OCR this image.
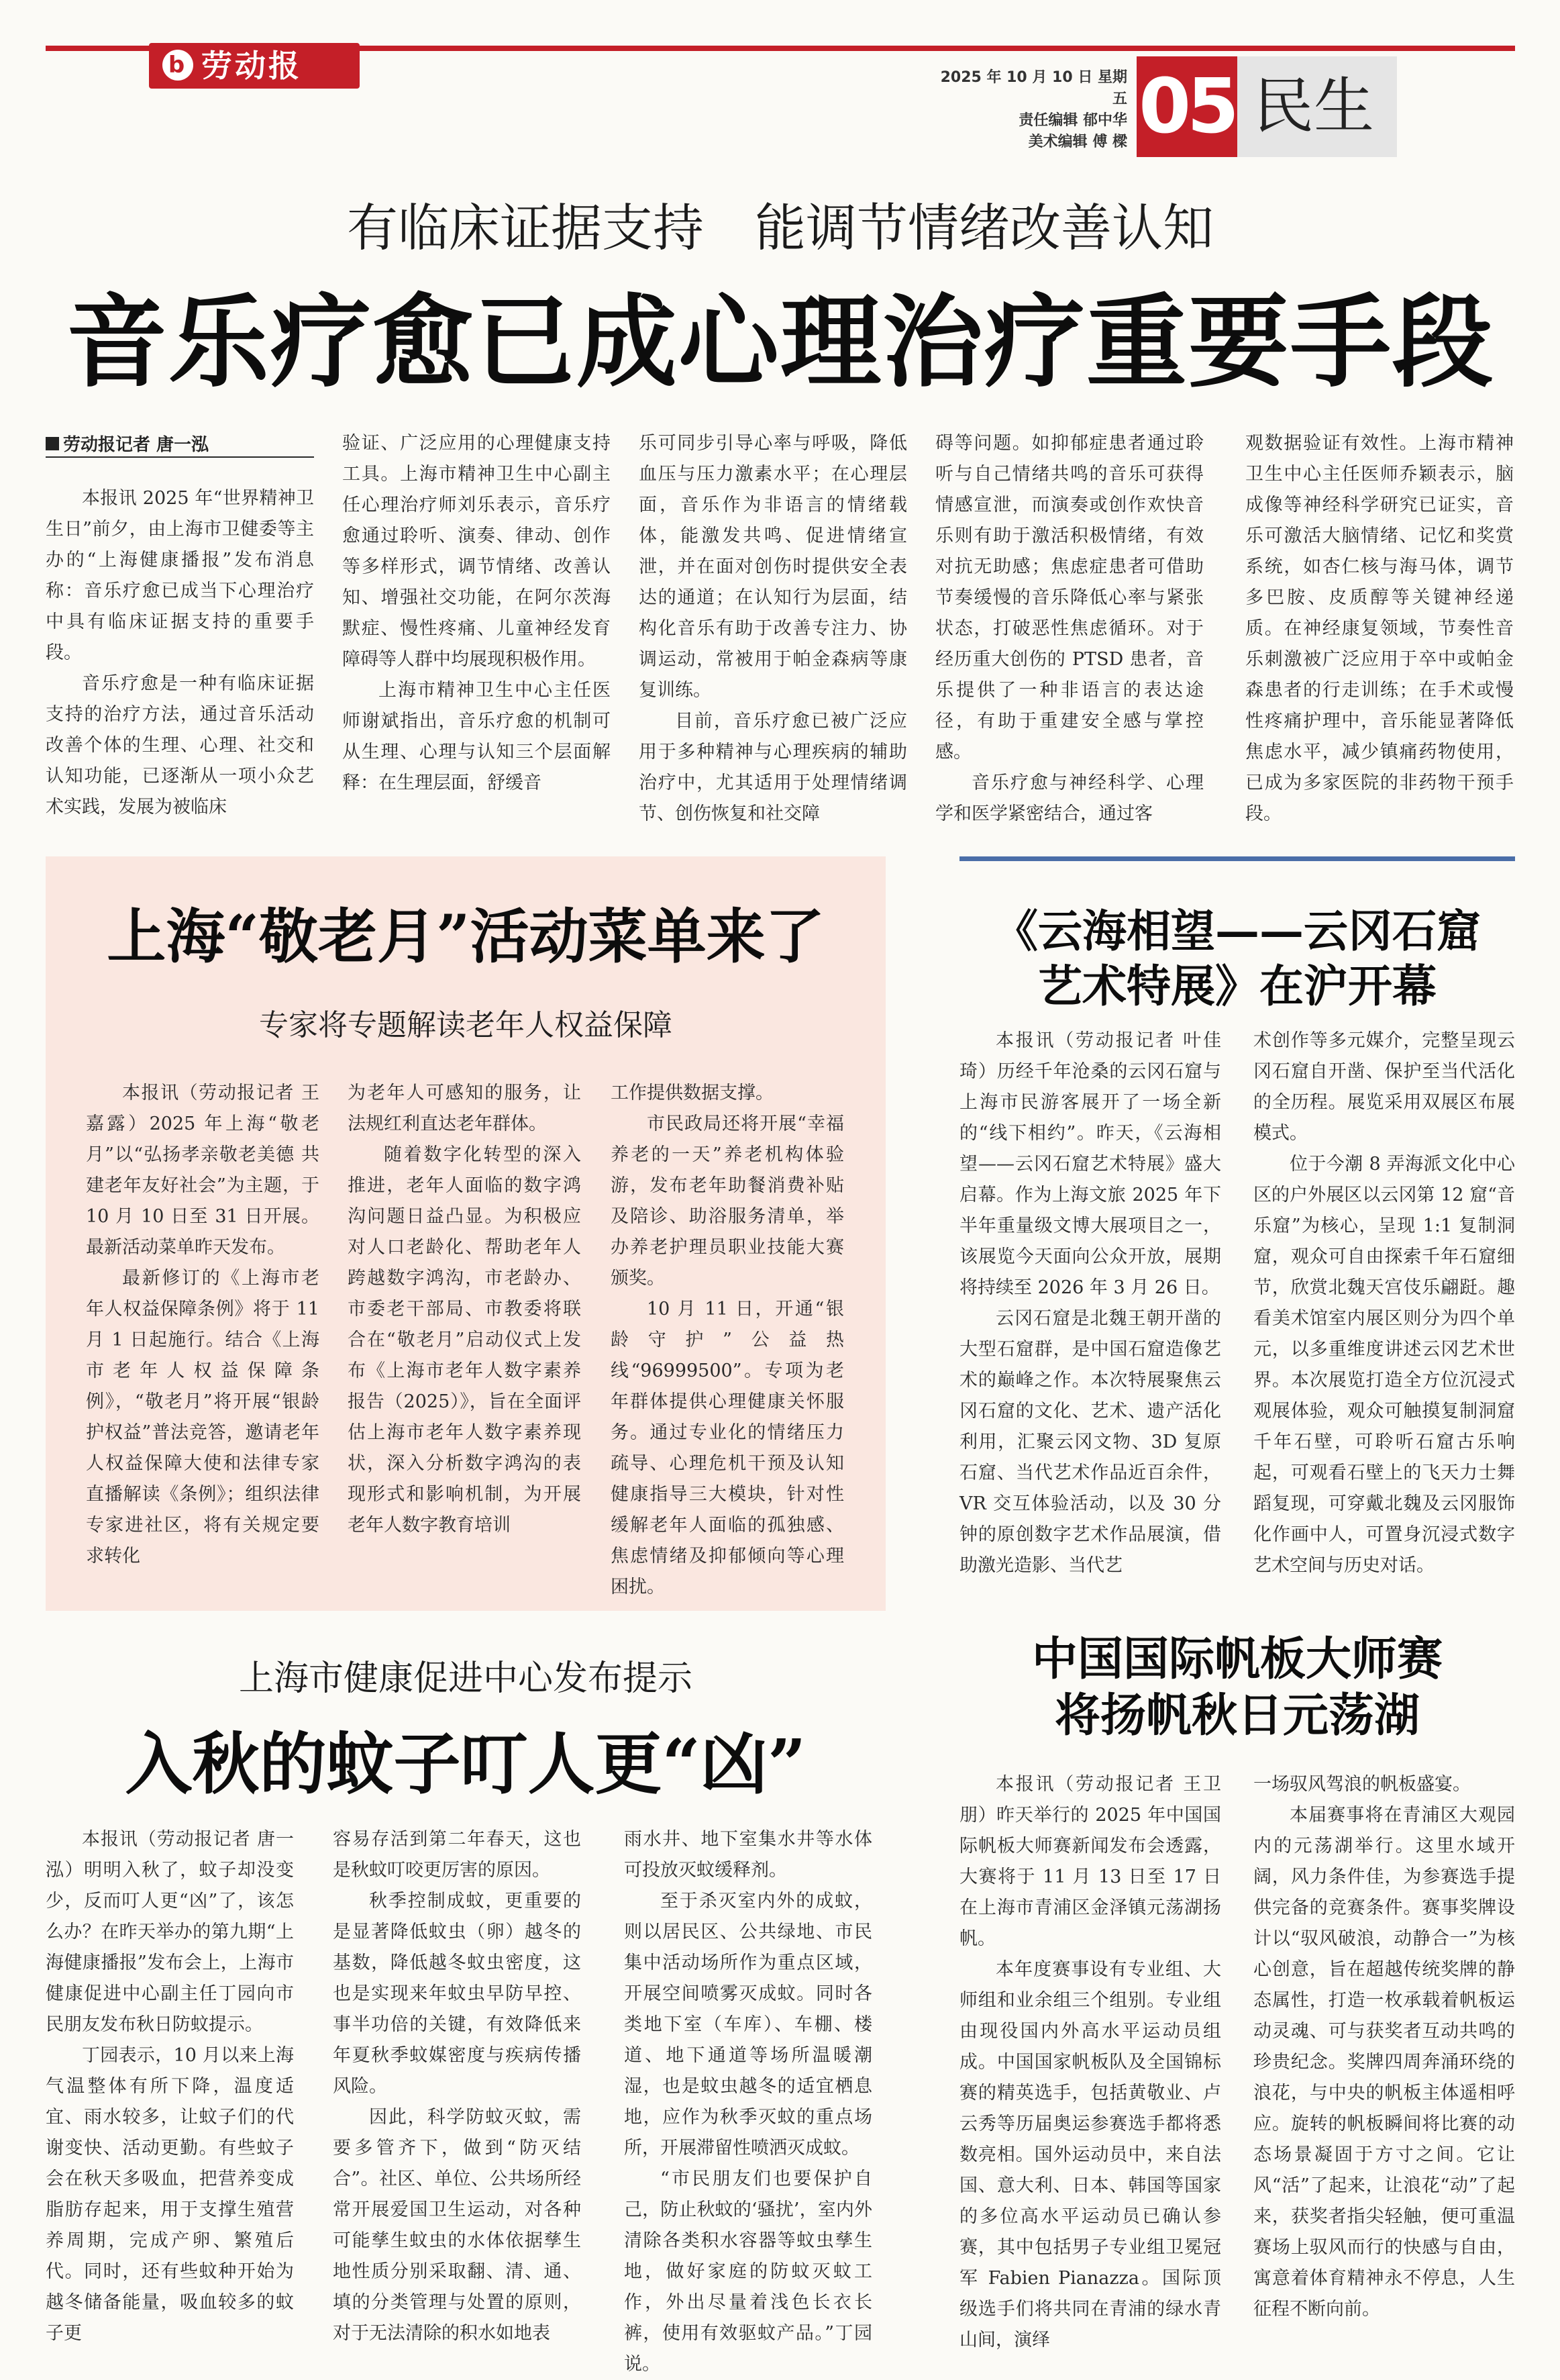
b 劳动报	2025 年 10 月 10 日 星期五
责任编辑 郁中华
美术编辑 傅 樑 05 民生
有临床证据支持　能调节情绪改善认知
音乐疗愈已成心理治疗重要手段
劳动报记者 唐一泓

本报讯 2025 年“世界精神卫生日”前夕，由上海市卫健委等主办的“上海健康播报”发布消息称：音乐疗愈已成当下心理治疗中具有临床证据支持的重要手段。

音乐疗愈是一种有临床证据支持的治疗方法，通过音乐活动改善个体的生理、心理、社交和认知功能，已逐渐从一项小众艺术实践，发展为被临床

验证、广泛应用的心理健康支持工具。上海市精神卫生中心副主任心理治疗师刘乐表示，音乐疗愈通过聆听、演奏、律动、创作等多样形式，调节情绪、改善认知、增强社交功能，在阿尔茨海默症、慢性疼痛、儿童神经发育障碍等人群中均展现积极作用。

上海市精神卫生中心主任医师谢斌指出，音乐疗愈的机制可从生理、心理与认知三个层面解释：在生理层面，舒缓音

乐可同步引导心率与呼吸，降低血压与压力激素水平；在心理层面，音乐作为非语言的情绪载体，能激发共鸣、促进情绪宣泄，并在面对创伤时提供安全表达的通道；在认知行为层面，结构化音乐有助于改善专注力、协调运动，常被用于帕金森病等康复训练。

目前，音乐疗愈已被广泛应用于多种精神与心理疾病的辅助治疗中，尤其适用于处理情绪调节、创伤恢复和社交障

碍等问题。如抑郁症患者通过聆听与自己情绪共鸣的音乐可获得情感宣泄，而演奏或创作欢快音乐则有助于激活积极情绪，有效对抗无助感；焦虑症患者可借助节奏缓慢的音乐降低心率与紧张状态，打破恶性焦虑循环。对于经历重大创伤的 PTSD 患者，音乐提供了一种非语言的表达途径，有助于重建安全感与掌控感。

音乐疗愈与神经科学、心理学和医学紧密结合，通过客

观数据验证有效性。上海市精神卫生中心主任医师乔颖表示，脑成像等神经科学研究已证实，音乐可激活大脑情绪、记忆和奖赏系统，如杏仁核与海马体，调节多巴胺、皮质醇等关键神经递质。在神经康复领域，节奏性音乐刺激被广泛应用于卒中或帕金森患者的行走训练；在手术或慢性疼痛护理中，音乐能显著降低焦虑水平，减少镇痛药物使用，已成为多家医院的非药物干预手段。

上海“敬老月”活动菜单来了
专家将专题解读老年人权益保障

本报讯（劳动报记者 王嘉露）2025 年上海“敬老月”以“弘扬孝亲敬老美德 共建老年友好社会”为主题，于 10 月 10 日至 31 日开展。最新活动菜单昨天发布。

最新修订的《上海市老年人权益保障条例》将于 11 月 1 日起施行。结合《上海市老年人权益保障条例》，“敬老月”将开展“银龄护权益”普法竞答，邀请老年人权益保障大使和法律专家直播解读《条例》；组织法律专家进社区，将有关规定要求转化

为老年人可感知的服务，让法规红利直达老年群体。

随着数字化转型的深入推进，老年人面临的数字鸿沟问题日益凸显。为积极应对人口老龄化、帮助老年人跨越数字鸿沟，市老龄办、市委老干部局、市教委将联合在“敬老月”启动仪式上发布《上海市老年人数字素养报告（2025）》，旨在全面评估上海市老年人数字素养现状，深入分析数字鸿沟的表现形式和影响机制，为开展老年人数字教育培训

工作提供数据支撑。

市民政局还将开展“幸福养老的一天”养老机构体验游，发布老年助餐消费补贴及陪诊、助浴服务清单，举办养老护理员职业技能大赛颁奖。

10 月 11 日，开通“银龄守护”公益热线“96999500”。专项为老年群体提供心理健康关怀服务。通过专业化的情绪压力疏导、心理危机干预及认知健康指导三大模块，针对性缓解老年人面临的孤独感、焦虑情绪及抑郁倾向等心理困扰。

《云海相望——云冈石窟
艺术特展》在沪开幕

本报讯（劳动报记者 叶佳琦）历经千年沧桑的云冈石窟与上海市民游客展开了一场全新的“线下相约”。昨天，《云海相望——云冈石窟艺术特展》盛大启幕。作为上海文旅 2025 年下半年重量级文博大展项目之一，该展览今天面向公众开放，展期将持续至 2026 年 3 月 26 日。

云冈石窟是北魏王朝开凿的大型石窟群，是中国石窟造像艺术的巅峰之作。本次特展聚焦云冈石窟的文化、艺术、遗产活化利用，汇聚云冈文物、3D 复原石窟、当代艺术作品近百余件，VR 交互体验活动，以及 30 分钟的原创数字艺术作品展演，借助激光造影、当代艺

术创作等多元媒介，完整呈现云冈石窟自开凿、保护至当代活化的全历程。展览采用双展区布展模式。

位于今潮 8 弄海派文化中心区的户外展区以云冈第 12 窟“音乐窟”为核心，呈现 1:1 复制洞窟，观众可自由探索千年石窟细节，欣赏北魏天宫伎乐翩跹。趣看美术馆室内展区则分为四个单元，以多重维度讲述云冈艺术世界。本次展览打造全方位沉浸式观展体验，观众可触摸复制洞窟千年石壁，可聆听石窟古乐响起，可观看石壁上的飞天力士舞蹈复现，可穿戴北魏及云冈服饰化作画中人，可置身沉浸式数字艺术空间与历史对话。

上海市健康促进中心发布提示
入秋的蚊子叮人更“凶”

本报讯（劳动报记者 唐一泓）明明入秋了，蚊子却没变少，反而叮人更“凶”了，该怎么办？在昨天举办的第九期“上海健康播报”发布会上，上海市健康促进中心副主任丁园向市民朋友发布秋日防蚊提示。

丁园表示，10 月以来上海气温整体有所下降，温度适宜、雨水较多，让蚊子们的代谢变快、活动更勤。有些蚊子会在秋天多吸血，把营养变成脂肪存起来，用于支撑生殖营养周期，完成产卵、繁殖后代。同时，还有些蚊种开始为越冬储备能量，吸血较多的蚊子更

容易存活到第二年春天，这也是秋蚊叮咬更厉害的原因。

秋季控制成蚊，更重要的是显著降低蚊虫（卵）越冬的基数，降低越冬蚊虫密度，这也是实现来年蚊虫早防早控、事半功倍的关键，有效降低来年夏秋季蚊媒密度与疾病传播风险。

因此，科学防蚊灭蚊，需要多管齐下，做到“防灭结合”。社区、单位、公共场所经常开展爱国卫生运动，对各种可能孳生蚊虫的水体依据孳生地性质分别采取翻、清、通、填的分类管理与处置的原则，对于无法清除的积水如地表

雨水井、地下室集水井等水体可投放灭蚊缓释剂。

至于杀灭室内外的成蚊，则以居民区、公共绿地、市民集中活动场所作为重点区域，开展空间喷雾灭成蚊。同时各类地下室（车库）、车棚、楼道、地下通道等场所温暖潮湿，也是蚊虫越冬的适宜栖息地，应作为秋季灭蚊的重点场所，开展滞留性喷洒灭成蚊。

“市民朋友们也要保护自己，防止秋蚊的‘骚扰’，室内外清除各类积水容器等蚊虫孳生地，做好家庭的防蚊灭蚊工作，外出尽量着浅色长衣长裤，使用有效驱蚊产品。”丁园说。

中国国际帆板大师赛
将扬帆秋日元荡湖

本报讯（劳动报记者 王卫朋）昨天举行的 2025 年中国国际帆板大师赛新闻发布会透露，大赛将于 11 月 13 日至 17 日在上海市青浦区金泽镇元荡湖扬帆。

本年度赛事设有专业组、大师组和业余组三个组别。专业组由现役国内外高水平运动员组成。中国国家帆板队及全国锦标赛的精英选手，包括黄敬业、卢云秀等历届奥运参赛选手都将悉数亮相。国外运动员中，来自法国、意大利、日本、韩国等国家的多位高水平运动员已确认参赛，其中包括男子专业组卫冕冠军 Fabien Pianazza。国际顶级选手们将共同在青浦的绿水青山间，演绎

一场驭风驾浪的帆板盛宴。

本届赛事将在青浦区大观园内的元荡湖举行。这里水域开阔，风力条件佳，为参赛选手提供完备的竞赛条件。赛事奖牌设计以“驭风破浪，动静合一”为核心创意，旨在超越传统奖牌的静态属性，打造一枚承载着帆板运动灵魂、可与获奖者互动共鸣的珍贵纪念。奖牌四周奔涌环绕的浪花，与中央的帆板主体遥相呼应。旋转的帆板瞬间将比赛的动态场景凝固于方寸之间。它让风“活”了起来，让浪花“动”了起来，获奖者指尖轻触，便可重温赛场上驭风而行的快感与自由，寓意着体育精神永不停息，人生征程不断向前。
